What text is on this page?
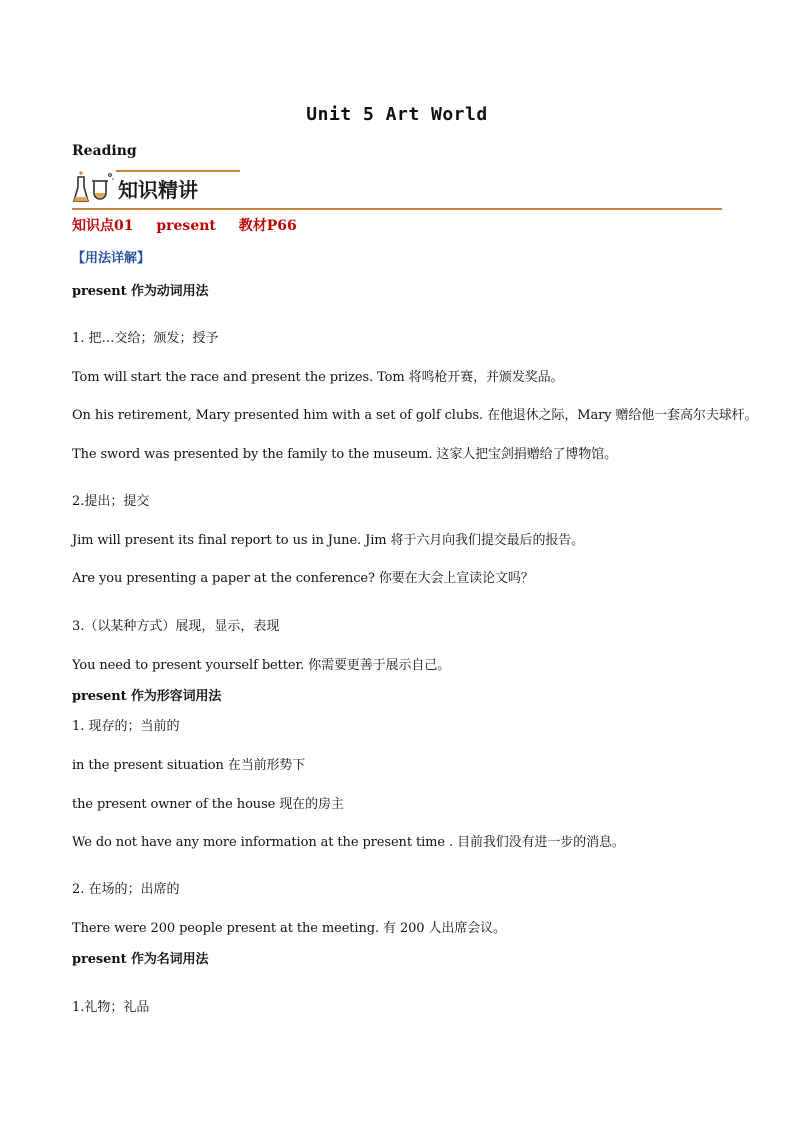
Unit 5 Art World
Reading
知识精讲
知识点01 present 教材P66
【用法详解】
present 作为动词用法
1. 把…交给；颁发；授予
Tom will start the race and present the prizes. Tom 将鸣枪开赛，并颁发奖品。
On his retirement, Mary presented him with a set of golf clubs. 在他退休之际，Mary 赠给他一套高尔夫球杆。
The sword was presented by the family to the museum. 这家人把宝剑捐赠给了博物馆。
2.提出；提交
Jim will present its final report to us in June. Jim 将于六月向我们提交最后的报告。
Are you presenting a paper at the conference? 你要在大会上宣读论文吗？
3.（以某种方式）展现，显示，表现
You need to present yourself better. 你需要更善于展示自己。
present 作为形容词用法
1. 现存的；当前的
in the present situation 在当前形势下
the present owner of the house 现在的房主
We do not have any more information at the present time . 目前我们没有进一步的消息。
2. 在场的；出席的
There were 200 people present at the meeting. 有 200 人出席会议。
present 作为名词用法
1.礼物；礼品
